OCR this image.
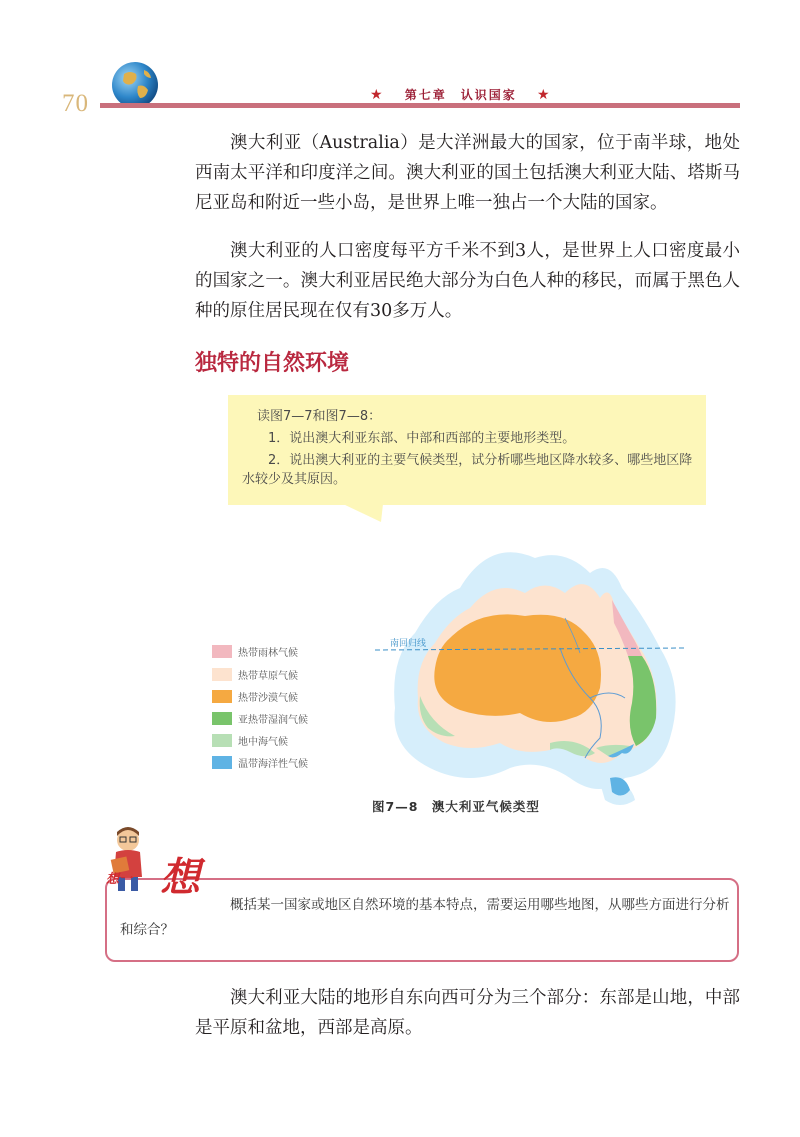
70	★ 第七章　认识国家 ★
澳大利亚（Australia）是大洋洲最大的国家，位于南半球，地处西南太平洋和印度洋之间。澳大利亚的国土包括澳大利亚大陆、塔斯马尼亚岛和附近一些小岛，是世界上唯一独占一个大陆的国家。
澳大利亚的人口密度每平方千米不到3人，是世界上人口密度最小的国家之一。澳大利亚居民绝大部分为白色人种的移民，而属于黑色人种的原住居民现在仅有30多万人。
独特的自然环境
读图7—7和图7—8：
1．说出澳大利亚东部、中部和西部的主要地形类型。
2．说出澳大利亚的主要气候类型，试分析哪些地区降水较多、哪些地区降水较少及其原因。
南回归线
热带雨林气候
热带草原气候
热带沙漠气候
亚热带湿润气候
地中海气候
温带海洋性气候
图7—8　澳大利亚气候类型
想一 想
概括某一国家或地区自然环境的基本特点，需要运用哪些地图，从哪些方面进行分析和综合？
澳大利亚大陆的地形自东向西可分为三个部分：东部是山地，中部是平原和盆地，西部是高原。
